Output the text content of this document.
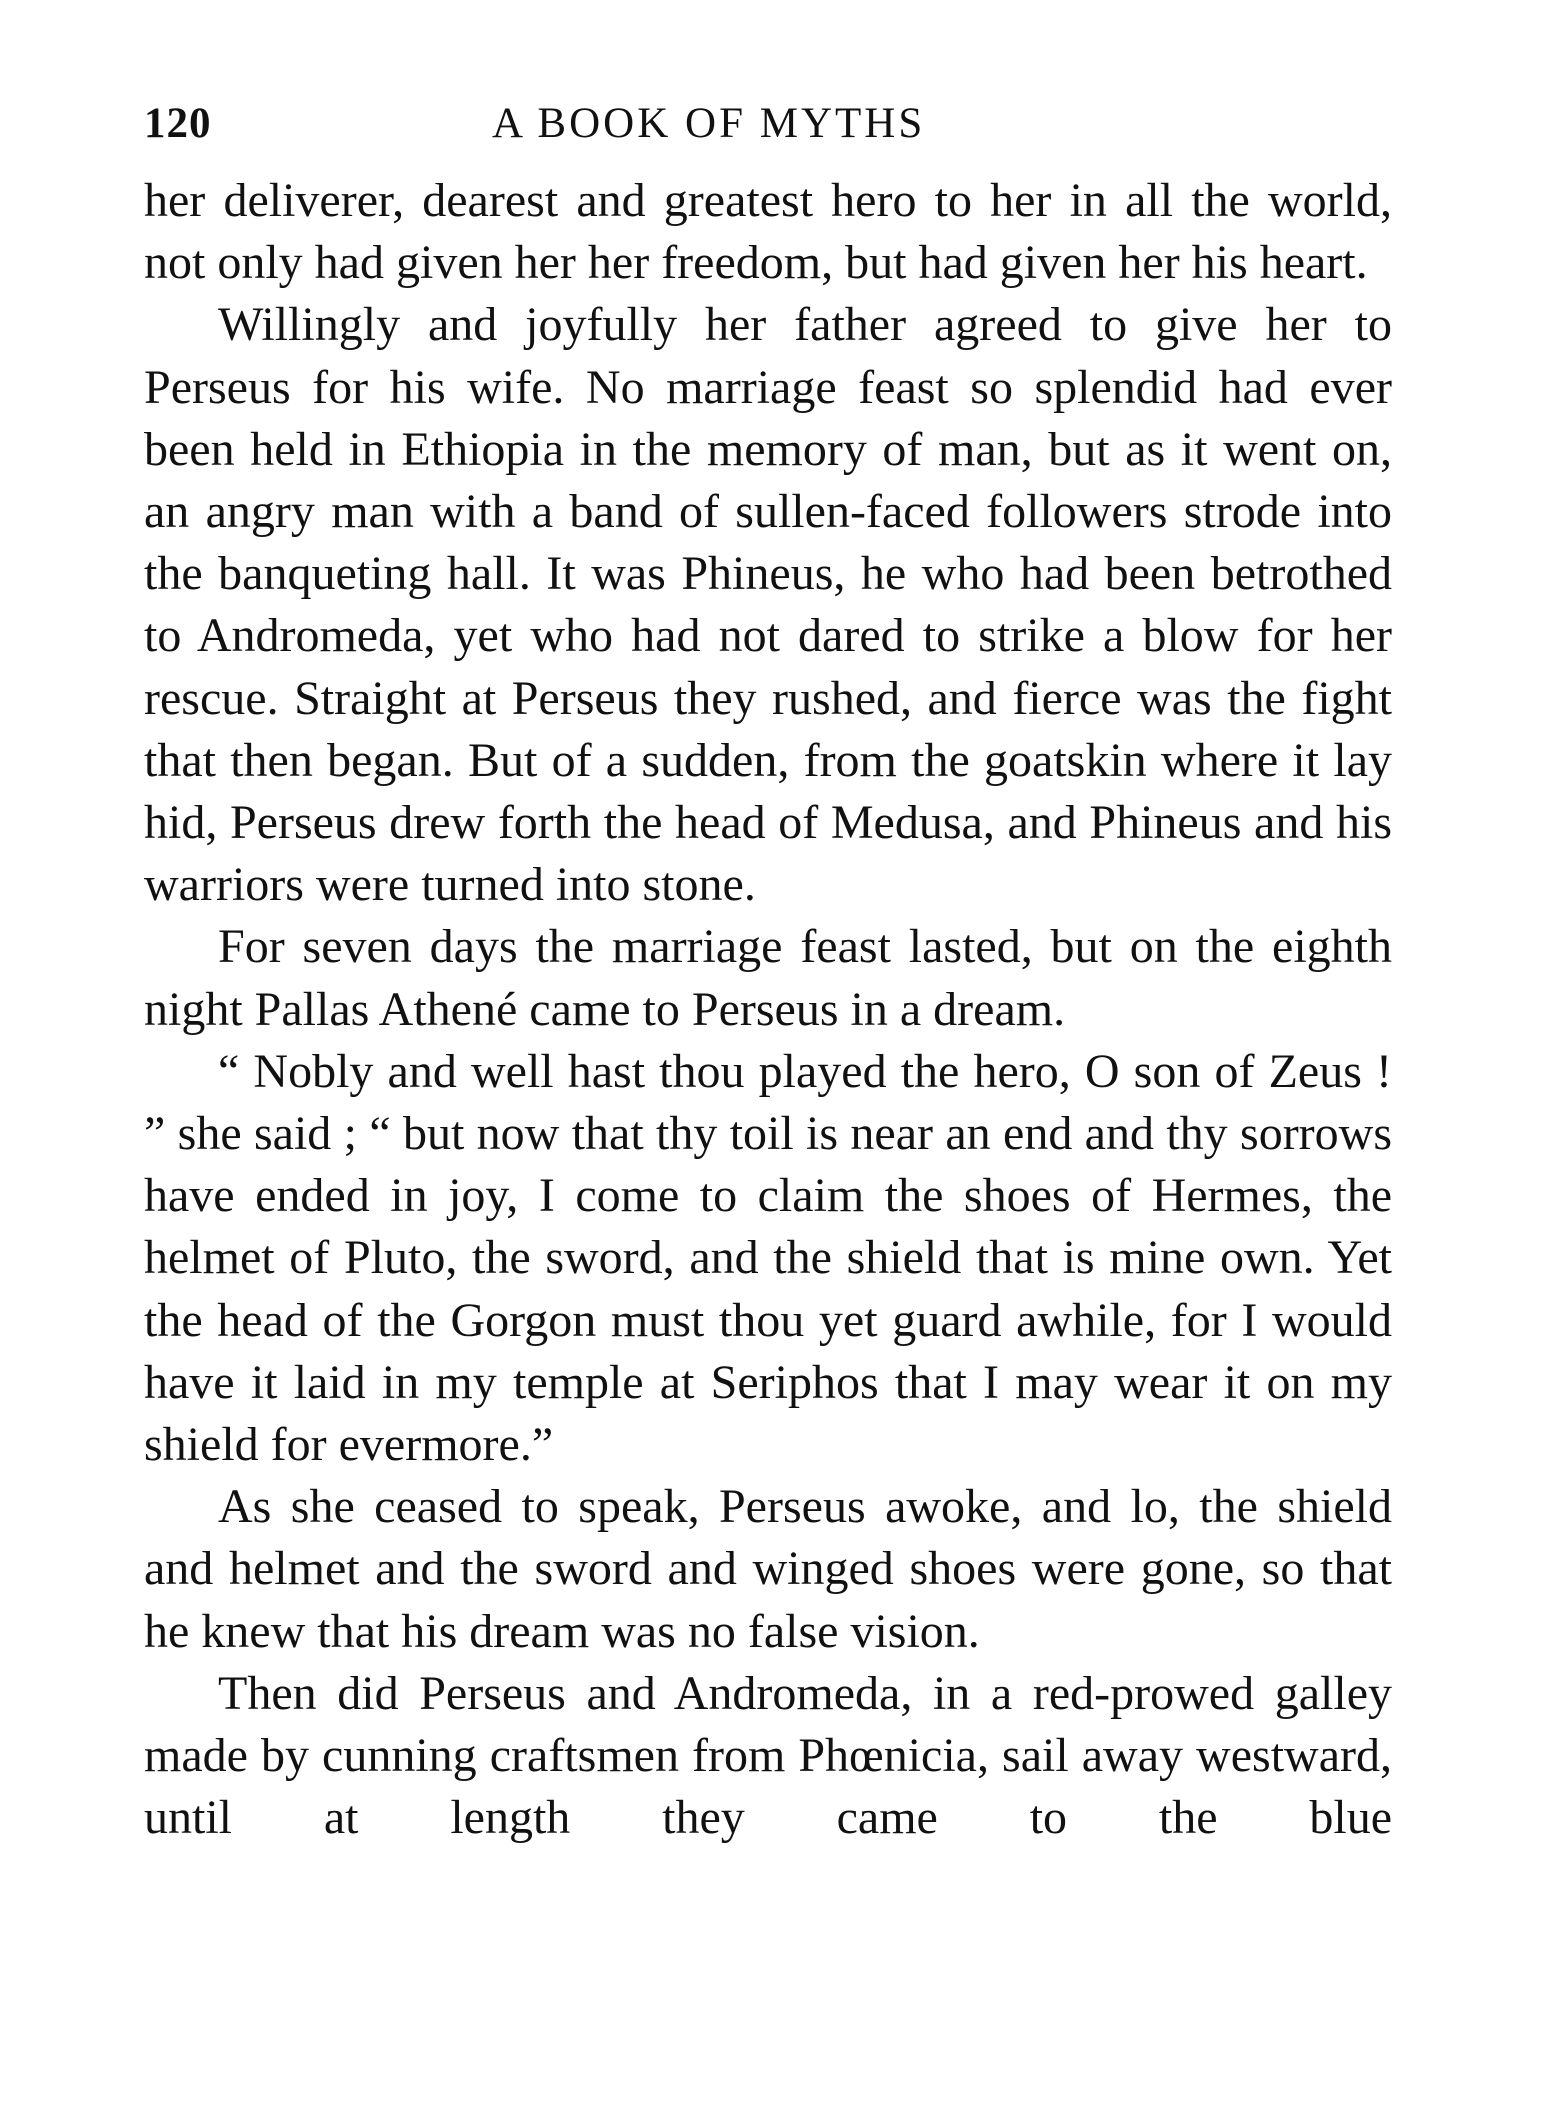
120	A BOOK OF MYTHS

her deliverer, dearest and greatest hero to her in all the world, not only had given her her freedom, but had given her his heart.

Willingly and joyfully her father agreed to give her to Perseus for his wife. No marriage feast so splendid had ever been held in Ethiopia in the memory of man, but as it went on, an angry man with a band of sullen-faced followers strode into the banqueting hall. It was Phineus, he who had been betrothed to Andromeda, yet who had not dared to strike a blow for her rescue. Straight at Perseus they rushed, and fierce was the fight that then began. But of a sudden, from the goatskin where it lay hid, Perseus drew forth the head of Medusa, and Phineus and his warriors were turned into stone.

For seven days the marriage feast lasted, but on the eighth night Pallas Athené came to Perseus in a dream.

“ Nobly and well hast thou played the hero, O son of Zeus ! ” she said ; “ but now that thy toil is near an end and thy sorrows have ended in joy, I come to claim the shoes of Hermes, the helmet of Pluto, the sword, and the shield that is mine own. Yet the head of the Gorgon must thou yet guard awhile, for I would have it laid in my temple at Seriphos that I may wear it on my shield for evermore.”

As she ceased to speak, Perseus awoke, and lo, the shield and helmet and the sword and winged shoes were gone, so that he knew that his dream was no false vision.

Then did Perseus and Andromeda, in a red-prowed galley made by cunning craftsmen from Phœnicia, sail away westward, until at length they came to the blue
